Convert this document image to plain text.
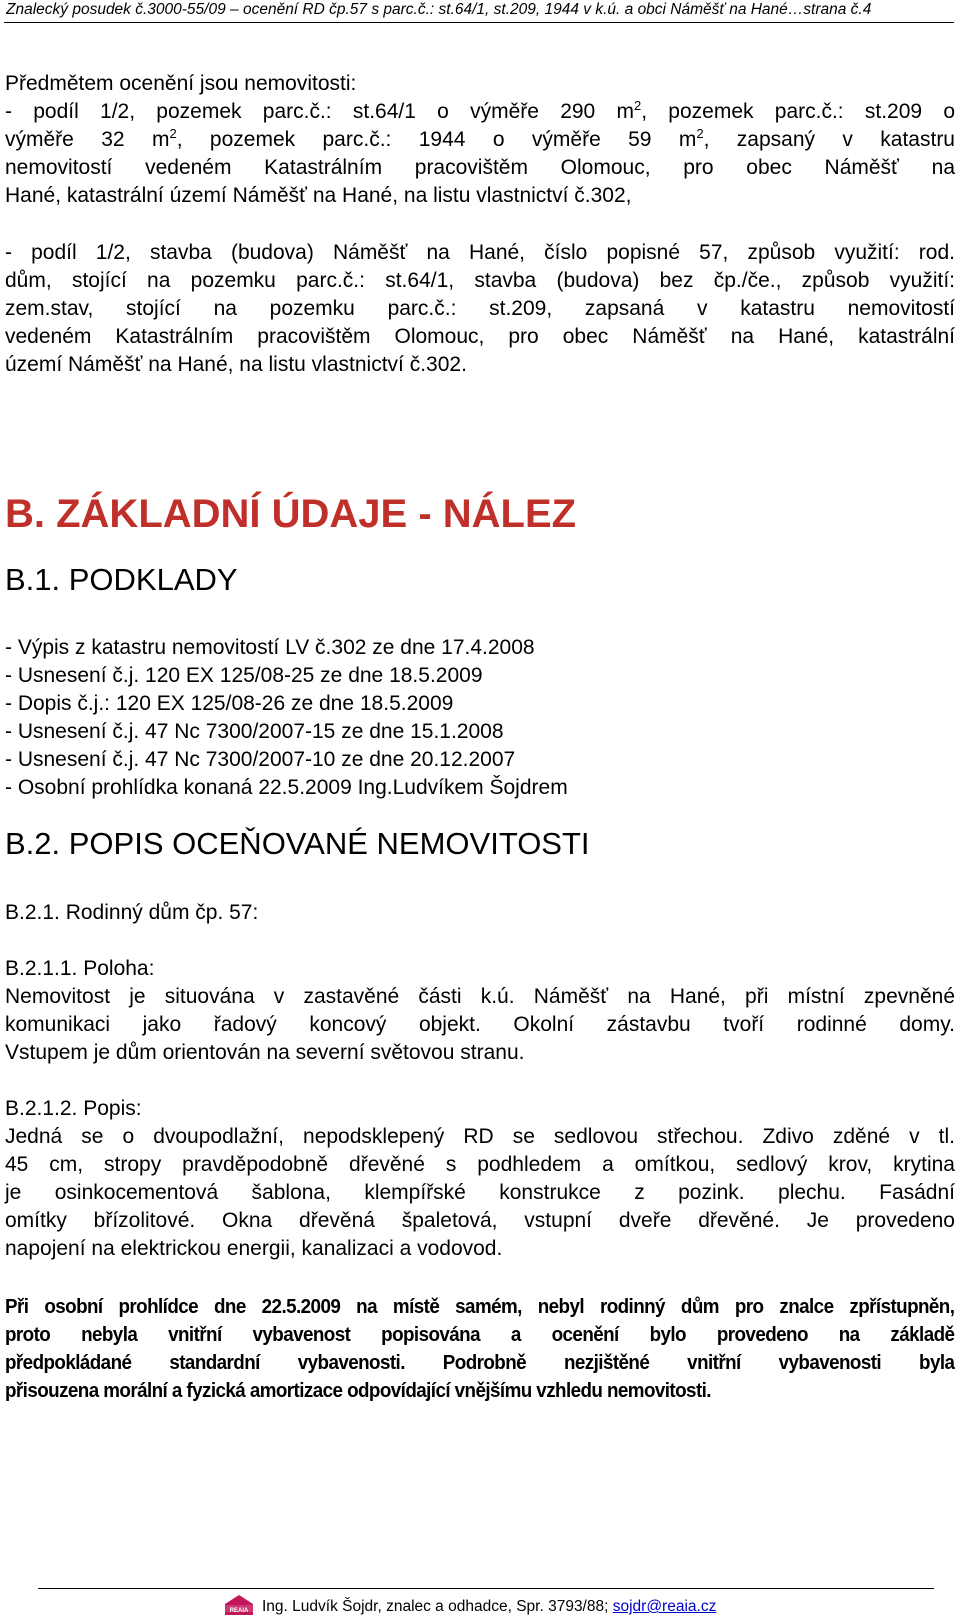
Znalecký posudek č.3000-55/09 – ocenění RD čp.57 s parc.č.: st.64/1, st.209, 1944 v k.ú. a obci Náměšť na Hané…strana č.4

Předmětem ocenění jsou nemovitosti:

- podíl 1/2, pozemek parc.č.: st.64/1 o výměře 290 $m^2$, pozemek parc.č.: st.209 o
výměře 32 $m^2$, pozemek parc.č.: 1944 o výměře 59 $m^2$, zapsaný v katastru
nemovitostí vedeném Katastrálním pracovištěm Olomouc, pro obec Náměšť na
Hané, katastrální území Náměšť na Hané, na listu vlastnictví č.302,
- podíl 1/2, stavba (budova) Náměšť na Hané, číslo popisné 57, způsob využití: rod.
dům, stojící na pozemku parc.č.: st.64/1, stavba (budova) bez čp./če., způsob využití:
zem.stav, stojící na pozemku parc.č.: st.209, zapsaná v katastru nemovitostí
vedeném Katastrálním pracovištěm Olomouc, pro obec Náměšť na Hané, katastrální
území Náměšť na Hané, na listu vlastnictví č.302.
B. ZÁKLADNÍ ÚDAJE - NÁLEZ
B.1. PODKLADY
- Výpis z katastru nemovitostí LV č.302 ze dne 17.4.2008
- Usnesení č.j. 120 EX 125/08-25 ze dne 18.5.2009
- Dopis č.j.: 120 EX 125/08-26 ze dne 18.5.2009
- Usnesení č.j. 47 Nc 7300/2007-15 ze dne 15.1.2008
- Usnesení č.j. 47 Nc 7300/2007-10 ze dne 20.12.2007
- Osobní prohlídka konaná 22.5.2009 Ing.Ludvíkem Šojdrem
B.2. POPIS OCEŇOVANÉ NEMOVITOSTI
B.2.1. Rodinný dům čp. 57:
B.2.1.1. Poloha:
Nemovitost je situována v zastavěné části k.ú. Náměšť na Hané, při místní zpevněné
komunikaci jako řadový koncový objekt. Okolní zástavbu tvoří rodinné domy.
Vstupem je dům orientován na severní světovou stranu.
B.2.1.2. Popis:
Jedná se o dvoupodlažní, nepodsklepený RD se sedlovou střechou. Zdivo zděné v tl.
45 cm, stropy pravděpodobně dřevěné s podhledem a omítkou, sedlový krov, krytina
je osinkocementová šablona, klempířské konstrukce z pozink. plechu. Fasádní
omítky břízolitové. Okna dřevěná špaletová, vstupní dveře dřevěné. Je provedeno
napojení na elektrickou energii, kanalizaci a vodovod.
Při osobní prohlídce dne 22.5.2009 na místě samém, nebyl rodinný dům pro znalce zpřístupněn,
proto nebyla vnitřní vybavenost popisována a ocenění bylo provedeno na základě
předpokládané standardní vybavenosti. Podrobně nezjištěné vnitřní vybavenosti byla
přisouzena morální a fyzická amortizace odpovídající vnějšímu vzhledu nemovitosti.
REAIA Ing. Ludvík Šojdr, znalec a odhadce, Spr. 3793/88; sojdr@reaia.cz
